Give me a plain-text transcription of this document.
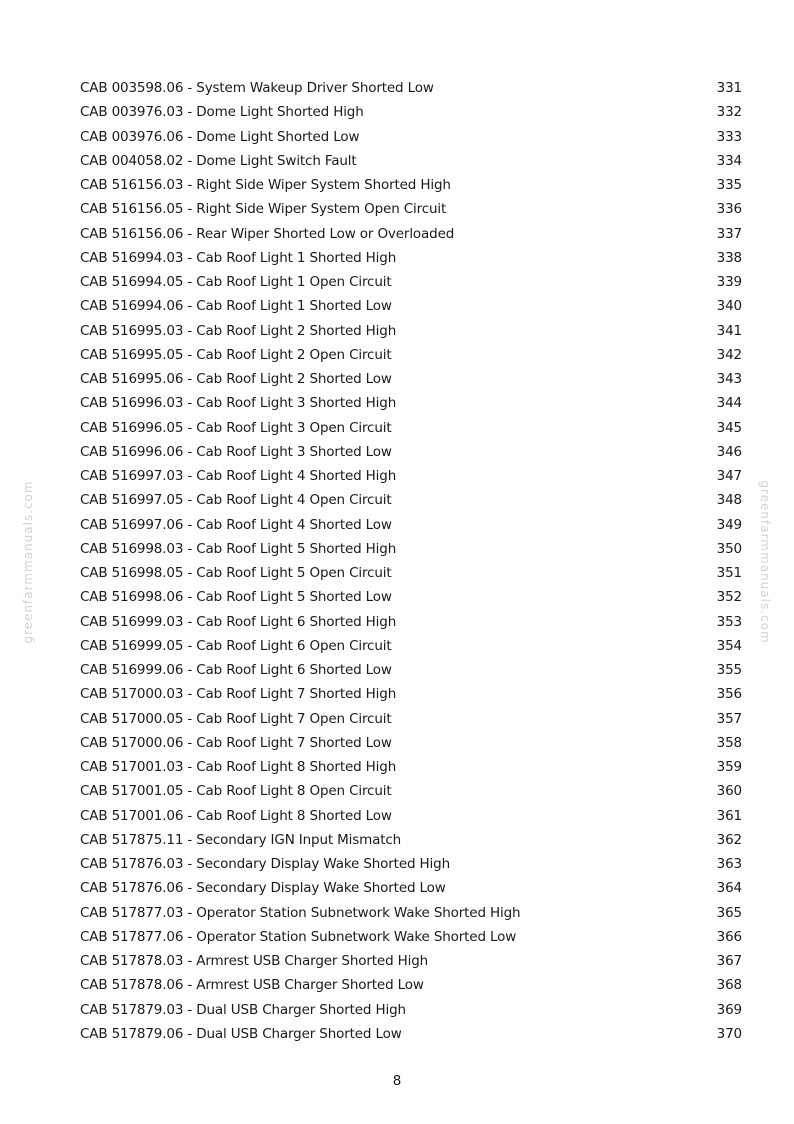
greenfarmmanuals.com	greenfarmmanuals.com
CAB 003598.06 - System Wakeup Driver Shorted Low	331
CAB 003976.03 - Dome Light Shorted High	332
CAB 003976.06 - Dome Light Shorted Low	333
CAB 004058.02 - Dome Light Switch Fault	334
CAB 516156.03 - Right Side Wiper System Shorted High	335
CAB 516156.05 - Right Side Wiper System Open Circuit	336
CAB 516156.06 - Rear Wiper Shorted Low or Overloaded	337
CAB 516994.03 - Cab Roof Light 1 Shorted High	338
CAB 516994.05 - Cab Roof Light 1 Open Circuit	339
CAB 516994.06 - Cab Roof Light 1 Shorted Low	340
CAB 516995.03 - Cab Roof Light 2 Shorted High	341
CAB 516995.05 - Cab Roof Light 2 Open Circuit	342
CAB 516995.06 - Cab Roof Light 2 Shorted Low	343
CAB 516996.03 - Cab Roof Light 3 Shorted High	344
CAB 516996.05 - Cab Roof Light 3 Open Circuit	345
CAB 516996.06 - Cab Roof Light 3 Shorted Low	346
CAB 516997.03 - Cab Roof Light 4 Shorted High	347
CAB 516997.05 - Cab Roof Light 4 Open Circuit	348
CAB 516997.06 - Cab Roof Light 4 Shorted Low	349
CAB 516998.03 - Cab Roof Light 5 Shorted High	350
CAB 516998.05 - Cab Roof Light 5 Open Circuit	351
CAB 516998.06 - Cab Roof Light 5 Shorted Low	352
CAB 516999.03 - Cab Roof Light 6 Shorted High	353
CAB 516999.05 - Cab Roof Light 6 Open Circuit	354
CAB 516999.06 - Cab Roof Light 6 Shorted Low	355
CAB 517000.03 - Cab Roof Light 7 Shorted High	356
CAB 517000.05 - Cab Roof Light 7 Open Circuit	357
CAB 517000.06 - Cab Roof Light 7 Shorted Low	358
CAB 517001.03 - Cab Roof Light 8 Shorted High	359
CAB 517001.05 - Cab Roof Light 8 Open Circuit	360
CAB 517001.06 - Cab Roof Light 8 Shorted Low	361
CAB 517875.11 - Secondary IGN Input Mismatch	362
CAB 517876.03 - Secondary Display Wake Shorted High	363
CAB 517876.06 - Secondary Display Wake Shorted Low	364
CAB 517877.03 - Operator Station Subnetwork Wake Shorted High	365
CAB 517877.06 - Operator Station Subnetwork Wake Shorted Low	366
CAB 517878.03 - Armrest USB Charger Shorted High	367
CAB 517878.06 - Armrest USB Charger Shorted Low	368
CAB 517879.03 - Dual USB Charger Shorted High	369
CAB 517879.06 - Dual USB Charger Shorted Low	370
8
